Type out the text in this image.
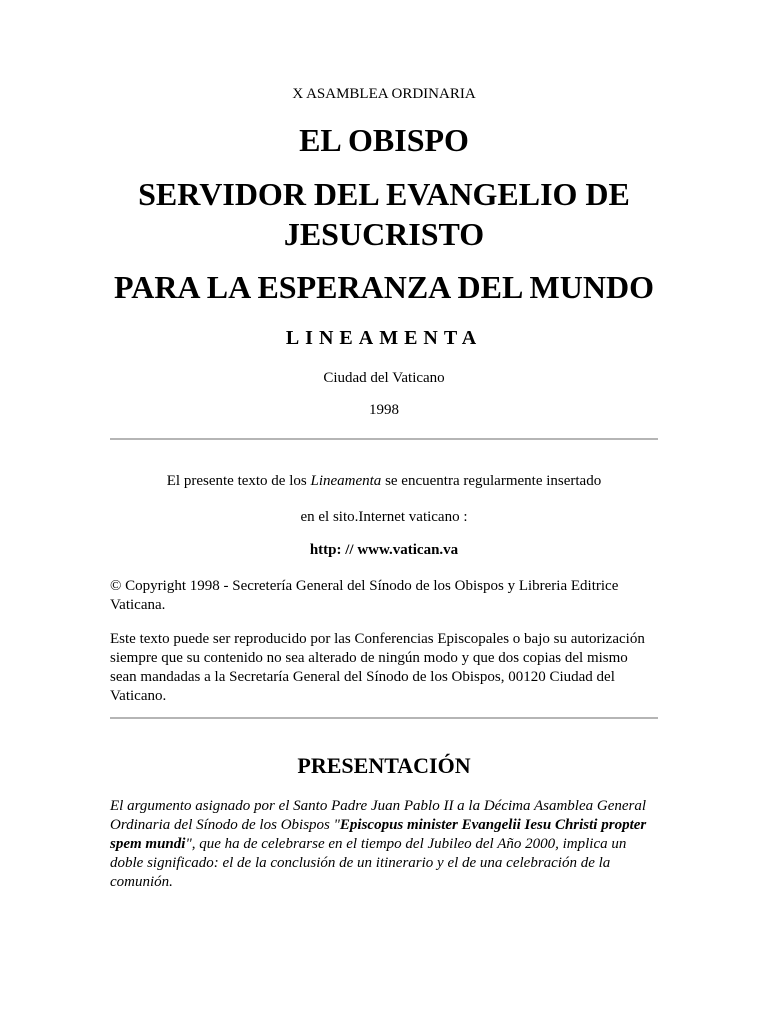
X ASAMBLEA ORDINARIA
EL OBISPO
SERVIDOR DEL EVANGELIO DE JESUCRISTO
PARA LA ESPERANZA DEL MUNDO
LINEAMENTA
Ciudad del Vaticano
1998
El presente texto de los Lineamenta se encuentra regularmente insertado
en el sito.Internet vaticano :
http: // www.vatican.va
© Copyright 1998 - Secretería General del Sínodo de los Obispos y Libreria Editrice Vaticana.
Este texto puede ser reproducido por las Conferencias Episcopales o bajo su autorización siempre que su contenido no sea alterado de ningún modo y que dos copias del mismo sean mandadas a la Secretaría General del Sínodo de los Obispos, 00120 Ciudad del Vaticano.
PRESENTACIÓN
El argumento asignado por el Santo Padre Juan Pablo II a la Décima Asamblea General Ordinaria del Sínodo de los Obispos "Episcopus minister Evangelii Iesu Christi propter spem mundi", que ha de celebrarse en el tiempo del Jubileo del Año 2000, implica un doble significado: el de la conclusión de un itinerario y el de una celebración de la comunión.
